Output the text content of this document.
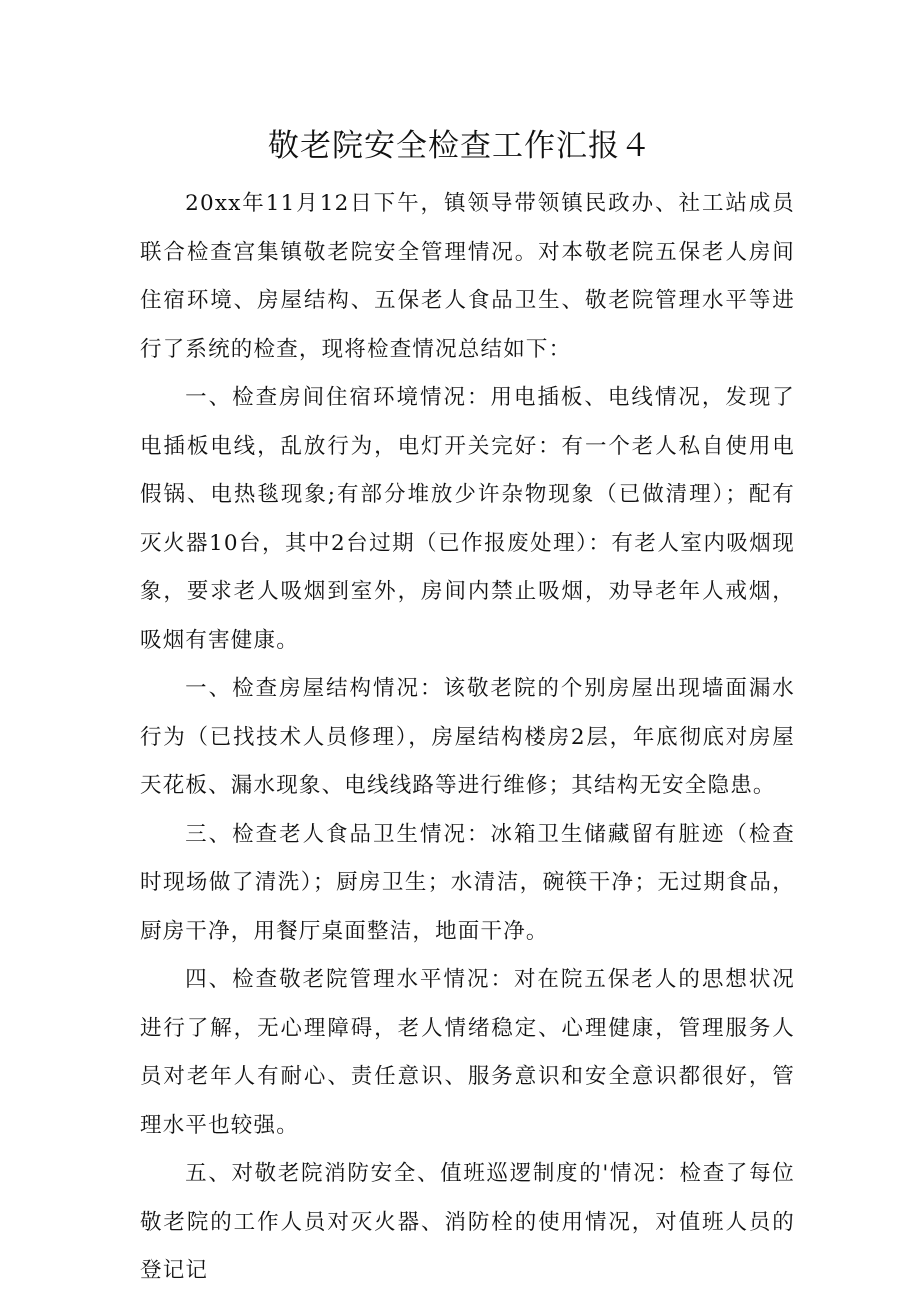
敬老院安全检查工作汇报４

20xx年11月12日下午，镇领导带领镇民政办、社工站成员联合检查宫集镇敬老院安全管理情况。对本敬老院五保老人房间住宿环境、房屋结构、五保老人食品卫生、敬老院管理水平等进行了系统的检查，现将检查情况总结如下：

一、检查房间住宿环境情况：用电插板、电线情况，发现了电插板电线，乱放行为，电灯开关完好：有一个老人私自使用电假锅、电热毯现象;有部分堆放少许杂物现象（已做清理）；配有灭火器10台，其中2台过期（已作报废处理）：有老人室内吸烟现象，要求老人吸烟到室外，房间内禁止吸烟，劝导老年人戒烟，吸烟有害健康。

一、检查房屋结构情况：该敬老院的个别房屋出现墙面漏水行为（已找技术人员修理），房屋结构楼房2层，年底彻底对房屋天花板、漏水现象、电线线路等进行维修；其结构无安全隐患。

三、检查老人食品卫生情况：冰箱卫生储藏留有脏迹（检查时现场做了清洗）；厨房卫生；水清洁，碗筷干净；无过期食品，厨房干净，用餐厅桌面整洁，地面干净。

四、检查敬老院管理水平情况：对在院五保老人的思想状况进行了解，无心理障碍，老人情绪稳定、心理健康，管理服务人员对老年人有耐心、责任意识、服务意识和安全意识都很好，管理水平也较强。

五、对敬老院消防安全、值班巡逻制度的'情况：检查了每位敬老院的工作人员对灭火器、消防栓的使用情况，对值班人员的登记记
